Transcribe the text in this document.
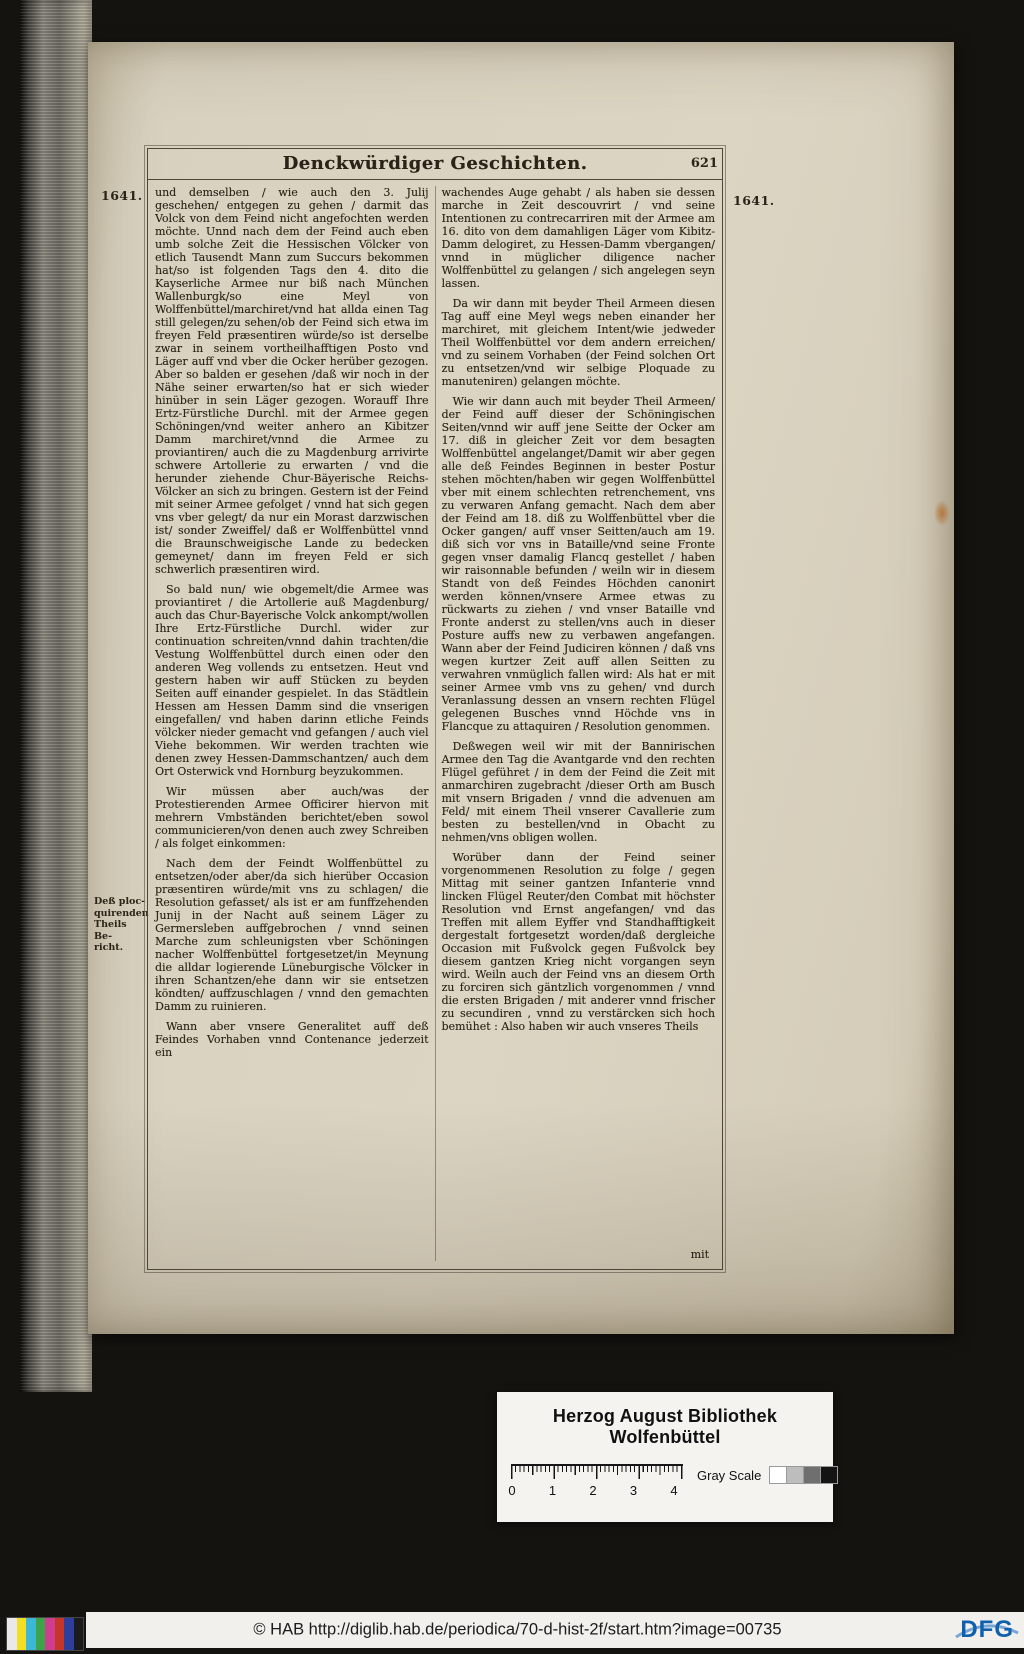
1641.	1641.
Deß ploc-
quirenden
Theils Be-
richt.
Denckwürdiger Geschichten.	621

und demselben / wie auch den 3. Julij geschehen/ entgegen zu gehen / darmit das Volck von dem Feind nicht angefochten werden möchte. Unnd nach dem der Feind auch eben umb solche Zeit die Hessischen Völcker von etlich Tausendt Mann zum Succurs bekommen hat/so ist folgenden Tags den 4. dito die Kayserliche Armee nur biß nach München Wallenburgk/so eine Meyl von Wolffenbüttel/marchiret/vnd hat allda einen Tag still gelegen/zu sehen/ob der Feind sich etwa im freyen Feld præsentiren würde/so ist derselbe zwar in seinem vortheilhafftigen Posto vnd Läger auff vnd vber die Ocker herüber gezogen. Aber so balden er gesehen /daß wir noch in der Nähe seiner erwarten/so hat er sich wieder hinüber in sein Läger gezogen. Worauff Ihre Ertz-Fürstliche Durchl. mit der Armee gegen Schöningen/vnd weiter anhero an Kibitzer Damm marchiret/vnnd die Armee zu proviantiren/ auch die zu Magdenburg arrivirte schwere Artollerie zu erwarten / vnd die herunder ziehende Chur-Bäyerische Reichs-Völcker an sich zu bringen. Gestern ist der Feind mit seiner Armee gefolget / vnnd hat sich gegen vns vber gelegt/ da nur ein Morast darzwischen ist/ sonder Zweiffel/ daß er Wolffenbüttel vnnd die Braunschweigische Lande zu bedecken gemeynet/ dann im freyen Feld er sich schwerlich præsentiren wird.

So bald nun/ wie obgemelt/die Armee was proviantiret / die Artollerie auß Magdenburg/ auch das Chur-Bayerische Volck ankompt/wollen Ihre Ertz-Fürstliche Durchl. wider zur continuation schreiten/vnnd dahin trachten/die Vestung Wolffenbüttel durch einen oder den anderen Weg vollends zu entsetzen. Heut vnd gestern haben wir auff Stücken zu beyden Seiten auff einander gespielet. In das Städtlein Hessen am Hessen Damm sind die vnserigen eingefallen/ vnd haben darinn etliche Feinds völcker nieder gemacht vnd gefangen / auch viel Viehe bekommen. Wir werden trachten wie denen zwey Hessen-Dammschantzen/ auch dem Ort Osterwick vnd Hornburg beyzukommen.

Wir müssen aber auch/was der Protestierenden Armee Officirer hiervon mit mehrern Vmbständen berichtet/eben sowol communicieren/von denen auch zwey Schreiben / als folget einkommen:

Nach dem der Feindt Wolffenbüttel zu entsetzen/oder aber/da sich hierüber Occasion præsentiren würde/mit vns zu schlagen/ die Resolution gefasset/ als ist er am funffzehenden Junij in der Nacht auß seinem Läger zu Germersleben auffgebrochen / vnnd seinen Marche zum schleunigsten vber Schöningen nacher Wolffenbüttel fortgesetzet/in Meynung die alldar logierende Lüneburgische Völcker in ihren Schantzen/ehe dann wir sie entsetzen köndten/ auffzuschlagen / vnnd den gemachten Damm zu ruinieren.

Wann aber vnsere Generalitet auff deß Feindes Vorhaben vnnd Contenance jederzeit ein

wachendes Auge gehabt / als haben sie dessen marche in Zeit descouvrirt / vnd seine Intentionen zu contrecarriren mit der Armee am 16. dito von dem damahligen Läger vom Kibitz-Damm delogiret, zu Hessen-Damm vbergangen/ vnnd in müglicher diligence nacher Wolffenbüttel zu gelangen / sich angelegen seyn lassen.

Da wir dann mit beyder Theil Armeen diesen Tag auff eine Meyl wegs neben einander her marchiret, mit gleichem Intent/wie jedweder Theil Wolffenbüttel vor dem andern erreichen/ vnd zu seinem Vorhaben (der Feind solchen Ort zu entsetzen/vnd wir selbige Ploquade zu manuteniren) gelangen möchte.

Wie wir dann auch mit beyder Theil Armeen/ der Feind auff dieser der Schöningischen Seiten/vnnd wir auff jene Seitte der Ocker am 17. diß in gleicher Zeit vor dem besagten Wolffenbüttel angelanget/Damit wir aber gegen alle deß Feindes Beginnen in bester Postur stehen möchten/haben wir gegen Wolffenbüttel vber mit einem schlechten retrenchement, vns zu verwaren Anfang gemacht. Nach dem aber der Feind am 18. diß zu Wolffenbüttel vber die Ocker gangen/ auff vnser Seitten/auch am 19. diß sich vor vns in Bataille/vnd seine Fronte gegen vnser damalig Flancq gestellet / haben wir raisonnable befunden / weiln wir in diesem Standt von deß Feindes Höchden canonirt werden können/vnsere Armee etwas zu rückwarts zu ziehen / vnd vnser Bataille vnd Fronte anderst zu stellen/vns auch in dieser Posture auffs new zu verbawen angefangen. Wann aber der Feind Judiciren können / daß vns wegen kurtzer Zeit auff allen Seitten zu verwahren vnmüglich fallen wird: Als hat er mit seiner Armee vmb vns zu gehen/ vnd durch Veranlassung dessen an vnsern rechten Flügel gelegenen Busches vnnd Höchde vns in Flancque zu attaquiren / Resolution genommen.

Deßwegen weil wir mit der Bannirischen Armee den Tag die Avantgarde vnd den rechten Flügel geführet / in dem der Feind die Zeit mit anmarchiren zugebracht /dieser Orth am Busch mit vnsern Brigaden / vnnd die advenuen am Feld/ mit einem Theil vnserer Cavallerie zum besten zu bestellen/vnd in Obacht zu nehmen/vns obligen wollen.

Worüber dann der Feind seiner vorgenommenen Resolution zu folge / gegen Mittag mit seiner gantzen Infanterie vnnd lincken Flügel Reuter/den Combat mit höchster Resolution vnd Ernst angefangen/ vnd das Treffen mit allem Eyffer vnd Standhafftigkeit dergestalt fortgesetzt worden/daß dergleiche Occasion mit Fußvolck gegen Fußvolck bey diesem gantzen Krieg nicht vorgangen seyn wird. Weiln auch der Feind vns an diesem Orth zu forciren sich gäntzlich vorgenommen / vnnd die ersten Brigaden / mit anderer vnnd frischer zu secundiren , vnnd zu verstärcken sich hoch bemühet : Also haben wir auch vnseres Theils

mit
Herzog August Bibliothek Wolfenbüttel
0	1	2	3	4
Gray Scale
© HAB http://diglib.hab.de/periodica/70-d-hist-2f/start.htm?image=00735	DFG
